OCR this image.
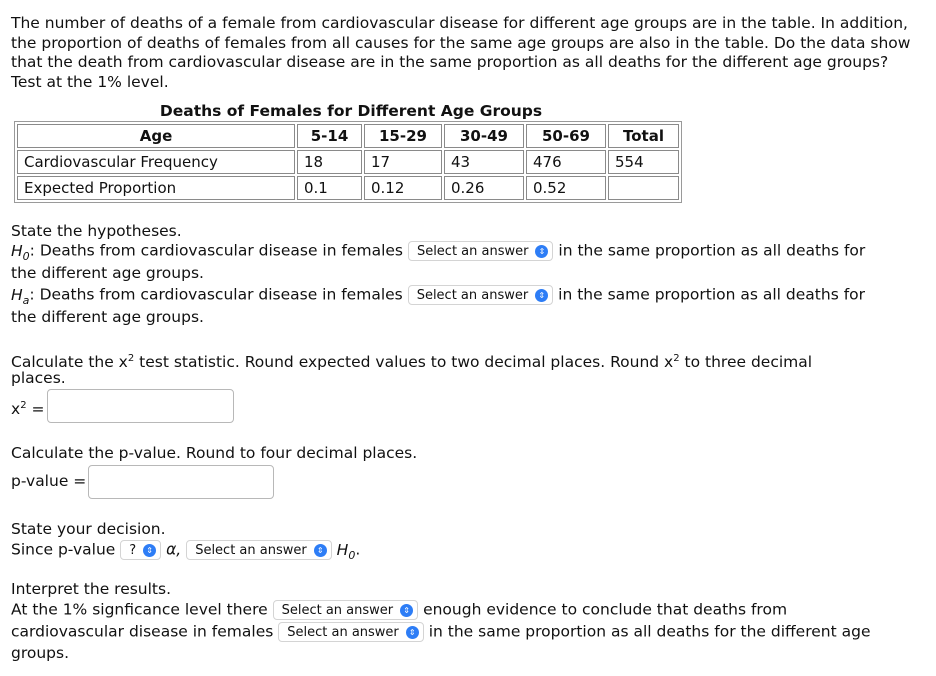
The number of deaths of a female from cardiovascular disease for different age groups are in the table. In addition, the proportion of deaths of females from all causes for the same age groups are also in the table. Do the data show that the death from cardiovascular disease are in the same proportion as all deaths for the different age groups? Test at the 1% level.
Deaths of Females for Different Age Groups
Age	5-14	15-29	30-49	50-69	Total
Cardiovascular Frequency	18	17	43	476	554
Expected Proportion	0.1	0.12	0.26	0.52	
State the hypotheses.
$H_0$: Deaths from cardiovascular disease in females Select an answer	⇕ in the same proportion as all deaths for
the different age groups.
$H_a$: Deaths from cardiovascular disease in females Select an answer	⇕ in the same proportion as all deaths for
the different age groups.
Calculate the $x^2$ test statistic. Round expected values to two decimal places. Round $x^2$ to three decimal
places.
$x^2$ =
Calculate the p-value. Round to four decimal places.
p-value =
State your decision.
Since p-value ?	⇕ α, Select an answer	⇕ $H_0$.
Interpret the results.
At the 1% signficance level there Select an answer	⇕ enough evidence to conclude that deaths from
cardiovascular disease in females Select an answer	⇕ in the same proportion as all deaths for the different age
groups.
